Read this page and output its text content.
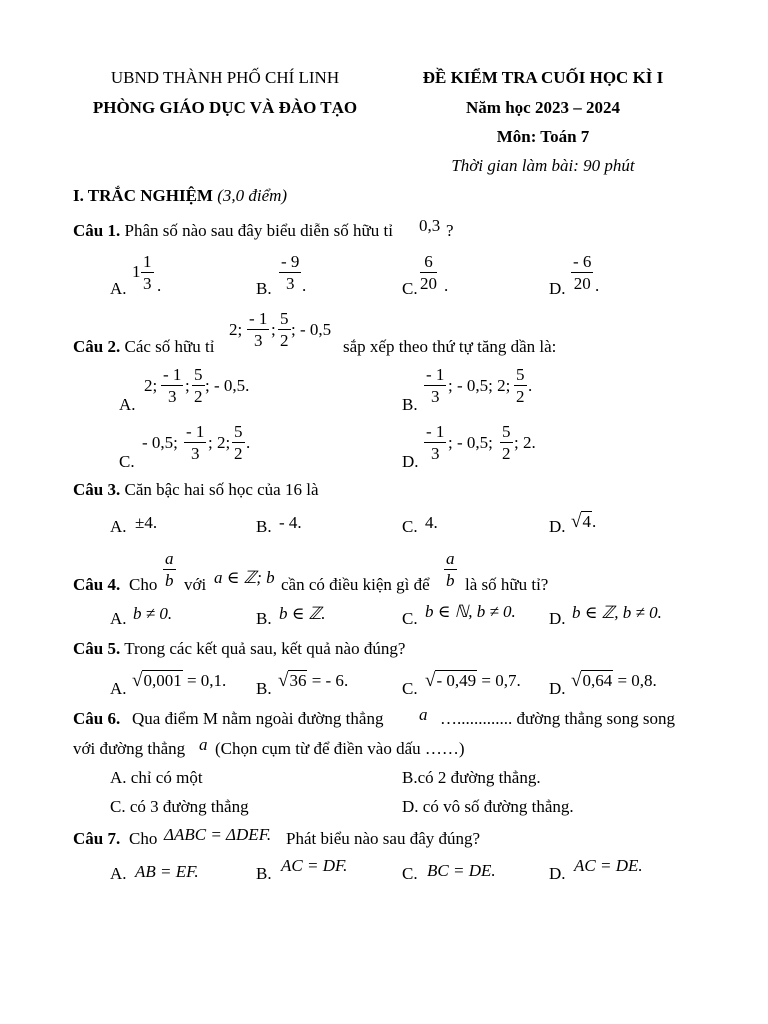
UBND THÀNH PHỐ CHÍ LINH
PHÒNG GIÁO DỤC VÀ ĐÀO TẠO
ĐỀ KIỂM TRA CUỐI HỌC KÌ I
Năm học 2023 – 2024
Môn: Toán 7
Thời gian làm bài: 90 phút
I. TRẮC NGHIỆM (3,0 điểm)
Câu 1. Phân số nào sau đây biểu diễn số hữu tỉ 0,3 ?
A.
1
1
3 .	B.
- 9
3 .	C.
6
20 .	D.
- 6
20 .
Câu 2. Các số hữu tỉ
2;
- 1
3
;
5
2
; - 0,5
sắp xếp theo thứ tự tăng dần là:
A.
2;
- 1
3
;
5
2
; - 0,5.
B.
- 1
3
; - 0,5; 2;
5
2
.
C.
- 0,5;
- 1
3
; 2;
5
2
.
D.
- 1
3
; - 0,5;
5
2
; 2.
Câu 3. Căn bậc hai số học của 16 là
A. ±4.	B. - 4.	C. 4.	D. √4.
Câu 4. Cho
a
b với a ∈ ℤ; b cần có điều kiện gì để
a
b là số hữu tỉ?
A. b ≠ 0.	B. b ∈ ℤ.	C. b ∈ ℕ, b ≠ 0. D. b ∈ ℤ, b ≠ 0.
Câu 5. Trong các kết quả sau, kết quả nào đúng?
A. √0,001 = 0,1. B. √36 = - 6.	C. √- 0,49 = 0,7. D. √0,64 = 0,8.
Câu 6. Qua điểm M nằm ngoài đường thẳng a …............. đường thẳng song song
với đường thẳng a (Chọn cụm từ để điền vào dấu ……)
A. chỉ có một	B.có 2 đường thẳng.
C. có 3 đường thẳng	D. có vô số đường thẳng.
Câu 7. Cho ΔABC = ΔDEF. Phát biểu nào sau đây đúng?
A. AB = EF.	B. AC = DF.	C. BC = DE.	D. AC = DE.
